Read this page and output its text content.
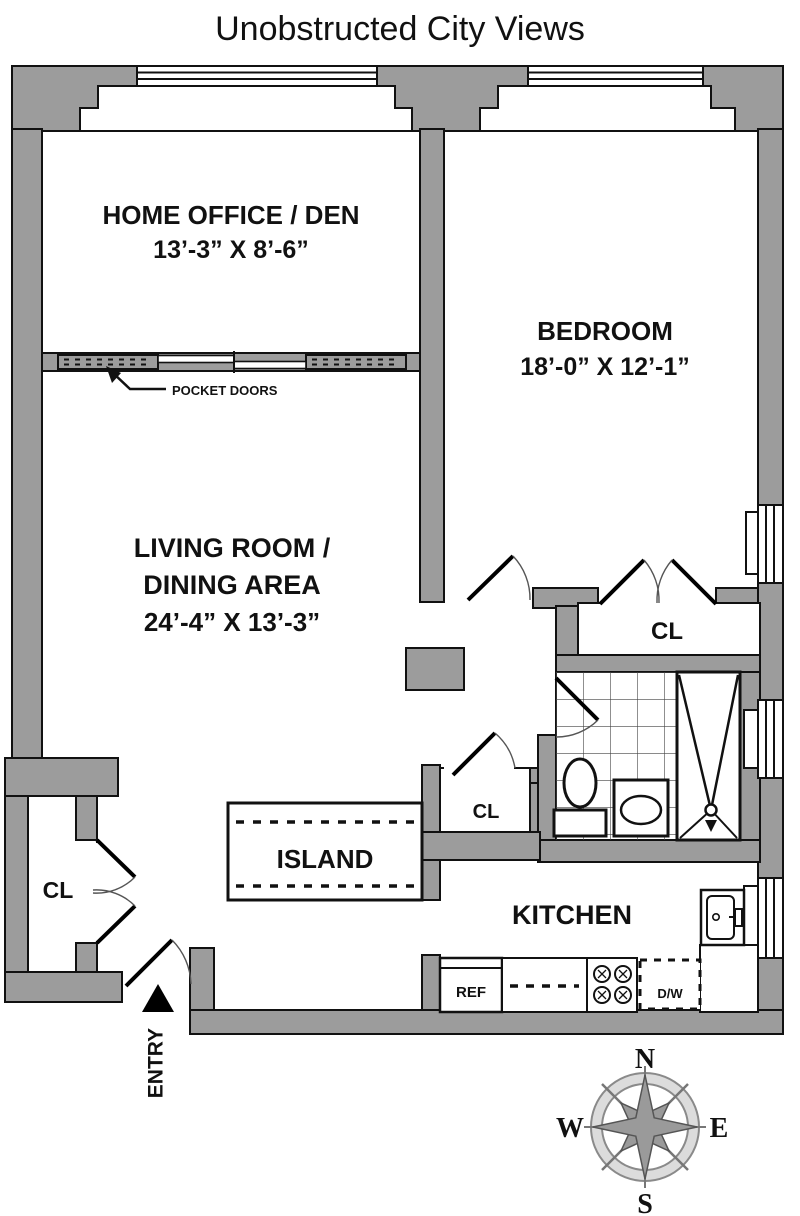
Unobstructed City Views
POCKET DOORS
REF	D/W
ISLAND
HOME OFFICE / DEN
13’-3” X 8’-6”
BEDROOM
18’-0” X 12’-1”
LIVING ROOM /
DINING AREA
24’-4” X 13’-3”	CL
CL
CL
KITCHEN
ENTRY	N
S
E
W
